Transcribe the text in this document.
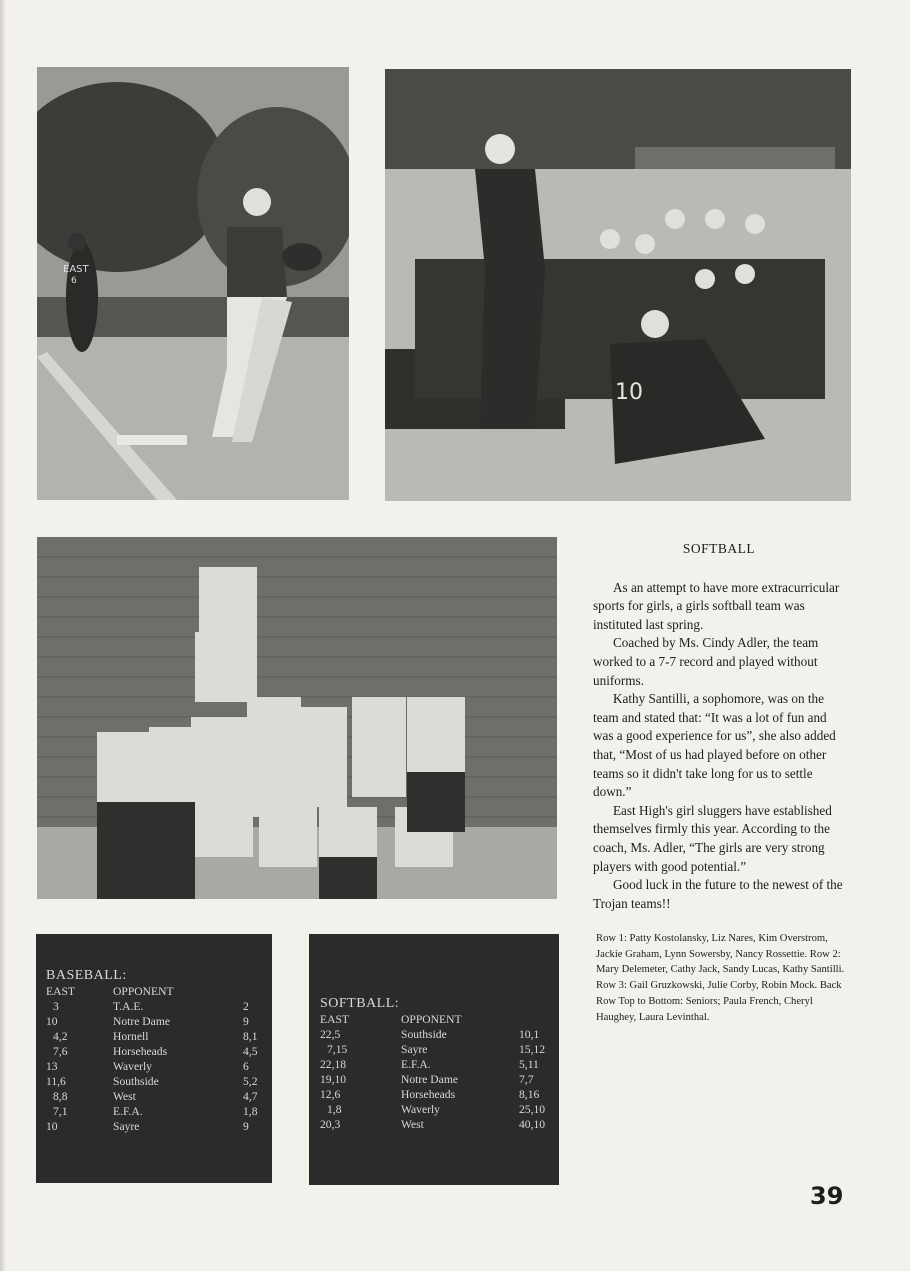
EAST
6
10
SOFTBALL

As an attempt to have more extracurricular sports for girls, a girls softball team was instituted last spring.

Coached by Ms. Cindy Adler, the team worked to a 7-7 record and played without uniforms.

Kathy Santilli, a sophomore, was on the team and stated that: “It was a lot of fun and was a good experience for us”, she also added that, “Most of us had played before on other teams so it didn't take long for us to settle down.”

East High's girl sluggers have established themselves firmly this year. According to the coach, Ms. Adler, “The girls are very strong players with good potential.”

Good luck in the future to the newest of the Trojan teams!!

Row 1: Patty Kostolansky, Liz Nares, Kim Overstrom, Jackie Graham, Lynn Sowersby, Nancy Rossettie. Row 2: Mary Delemeter, Cathy Jack, Sandy Lucas, Kathy Santilli. Row 3: Gail Gruzkowski, Julie Corby, Robin Mock. Back Row Top to Bottom: Seniors; Paula French, Cheryl Haughey, Laura Levinthal.
BASEBALL:
EAST	OPPONENT	
3	T.A.E.	2
10	Notre Dame	9
4,2	Hornell	8,1
7,6	Horseheads	4,5
13	Waverly	6
11,6	Southside	5,2
8,8	West	4,7
7,1	E.F.A.	1,8
10	Sayre	9
SOFTBALL:
EAST	OPPONENT	
22,5	Southside	10,1
7,15	Sayre	15,12
22,18	E.F.A.	5,11
19,10	Notre Dame	7,7
12,6	Horseheads	8,16
1,8	Waverly	25,10
20,3	West	40,10
39
